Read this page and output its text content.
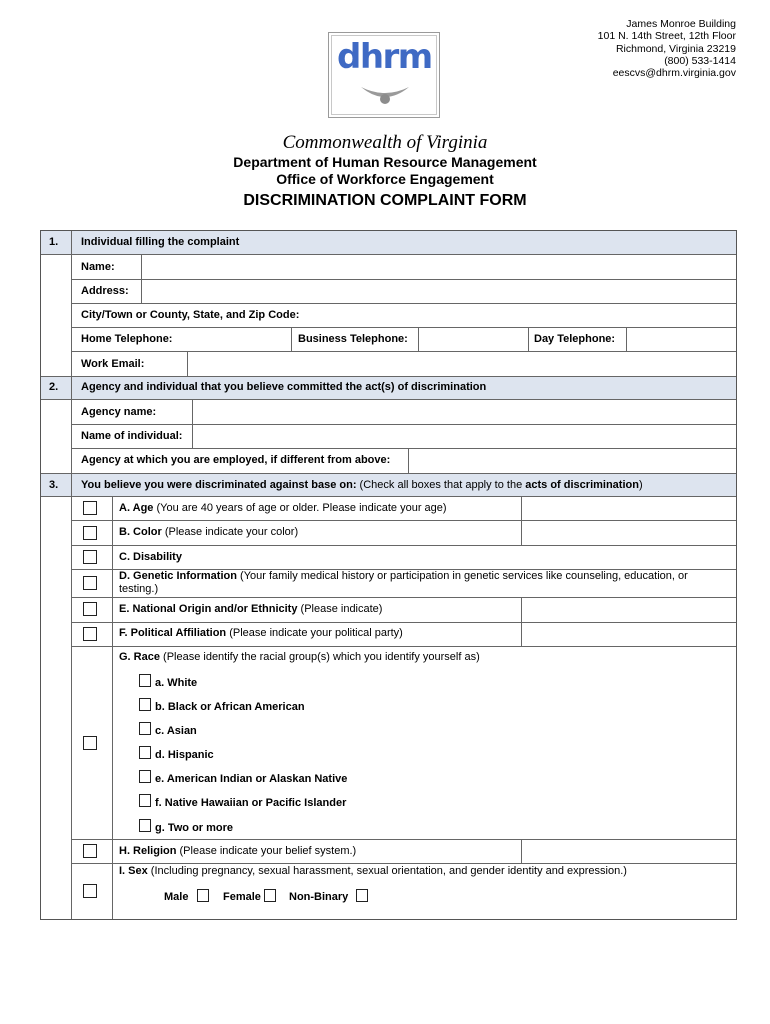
James Monroe Building
101 N. 14th Street, 12th Floor
Richmond, Virginia 23219
(800) 533-1414
eescvs@dhrm.virginia.gov
dhrm
Commonwealth of Virginia
Department of Human Resource Management
Office of Workforce Engagement
DISCRIMINATION COMPLAINT FORM
1. Individual filling the complaint
Name:
Address:
City/Town or County, State, and Zip Code:
Home Telephone:	Business Telephone:	Day Telephone:
Work Email:
2. Agency and individual that you believe committed the act(s) of discrimination
Agency name:
Name of individual:
Agency at which you are employed, if different from above:
3. You believe you were discriminated against base on: (Check all boxes that apply to the acts of discrimination)
A. Age (You are 40 years of age or older. Please indicate your age)
B. Color (Please indicate your color)
C. Disability
D. Genetic Information (Your family medical history or participation in genetic services like counseling, education, or
testing.)
E. National Origin and/or Ethnicity (Please indicate)
F. Political Affiliation (Please indicate your political party)
G. Race (Please identify the racial group(s) which you identify yourself as)
a. White
b. Black or African American
c. Asian
d. Hispanic
e. American Indian or Alaskan Native
f. Native Hawaiian or Pacific Islander
g. Two or more
H. Religion (Please indicate your belief system.)
I. Sex (Including pregnancy, sexual harassment, sexual orientation, and gender identity and expression.)
Male	Female	Non-Binary
